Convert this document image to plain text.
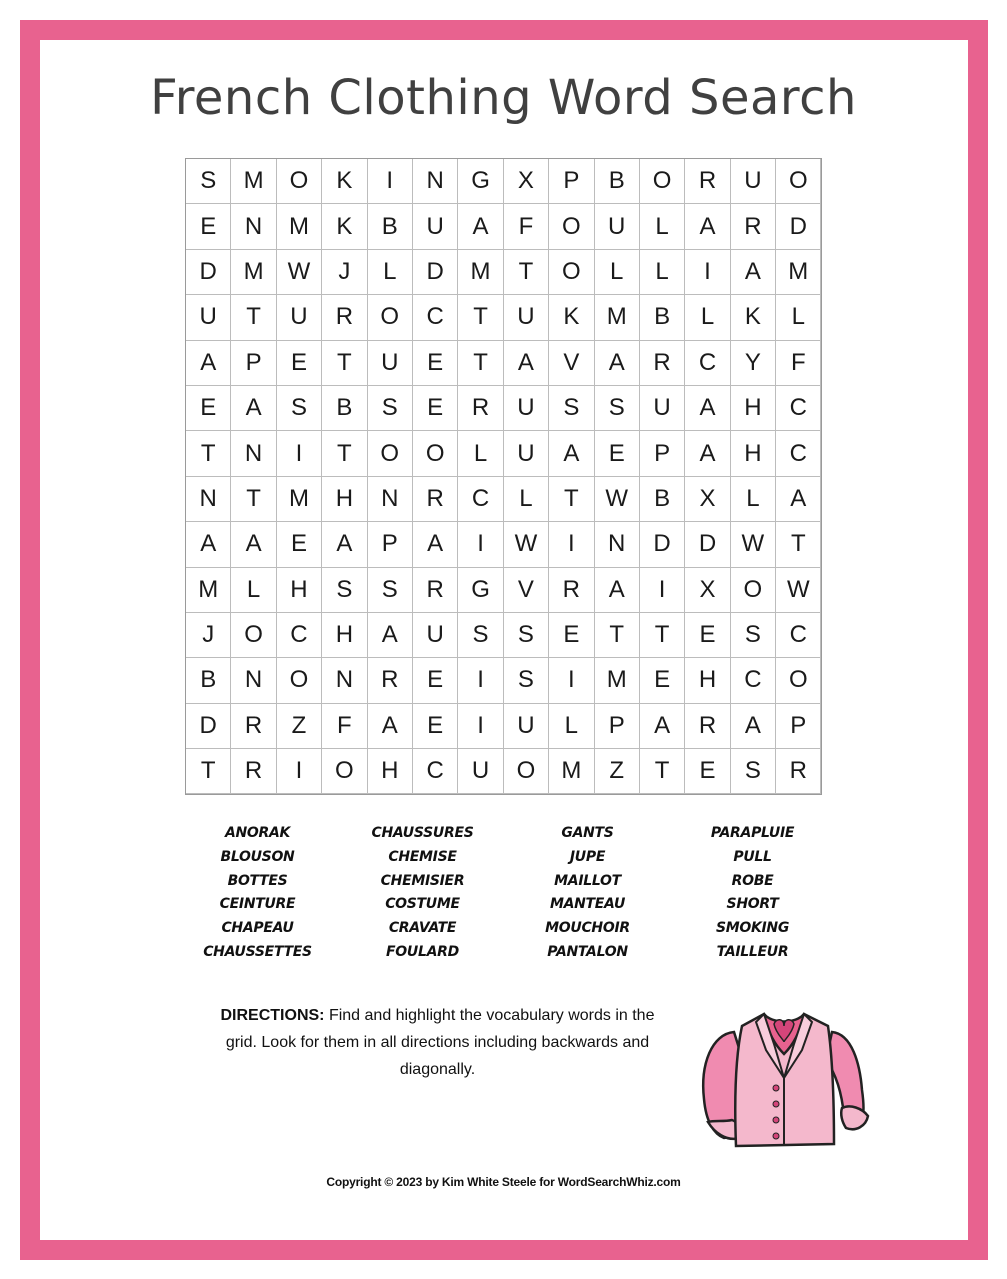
French Clothing Word Search
S	M	O	K	I	N	G	X	P	B	O	R	U	O
E	N	M	K	B	U	A	F	O	U	L	A	R	D
D	M	W	J	L	D	M	T	O	L	L	I	A	M
U	T	U	R	O	C	T	U	K	M	B	L	K	L
A	P	E	T	U	E	T	A	V	A	R	C	Y	F
E	A	S	B	S	E	R	U	S	S	U	A	H	C
T	N	I	T	O	O	L	U	A	E	P	A	H	C
N	T	M	H	N	R	C	L	T	W	B	X	L	A
A	A	E	A	P	A	I	W	I	N	D	D	W	T
M	L	H	S	S	R	G	V	R	A	I	X	O	W
J	O	C	H	A	U	S	S	E	T	T	E	S	C
B	N	O	N	R	E	I	S	I	M	E	H	C	O
D	R	Z	F	A	E	I	U	L	P	A	R	A	P
T	R	I	O	H	C	U	O	M	Z	T	E	S	R
ANORAK
BLOUSON
BOTTES
CEINTURE
CHAPEAU
CHAUSSETTES
CHAUSSURES
CHEMISE
CHEMISIER
COSTUME
CRAVATE
FOULARD
GANTS
JUPE
MAILLOT
MANTEAU
MOUCHOIR
PANTALON
PARAPLUIE
PULL
ROBE
SHORT
SMOKING
TAILLEUR
DIRECTIONS: Find and highlight the vocabulary words in the grid. Look for them in all directions including backwards and diagonally.
Copyright © 2023 by Kim White Steele for WordSearchWhiz.com
